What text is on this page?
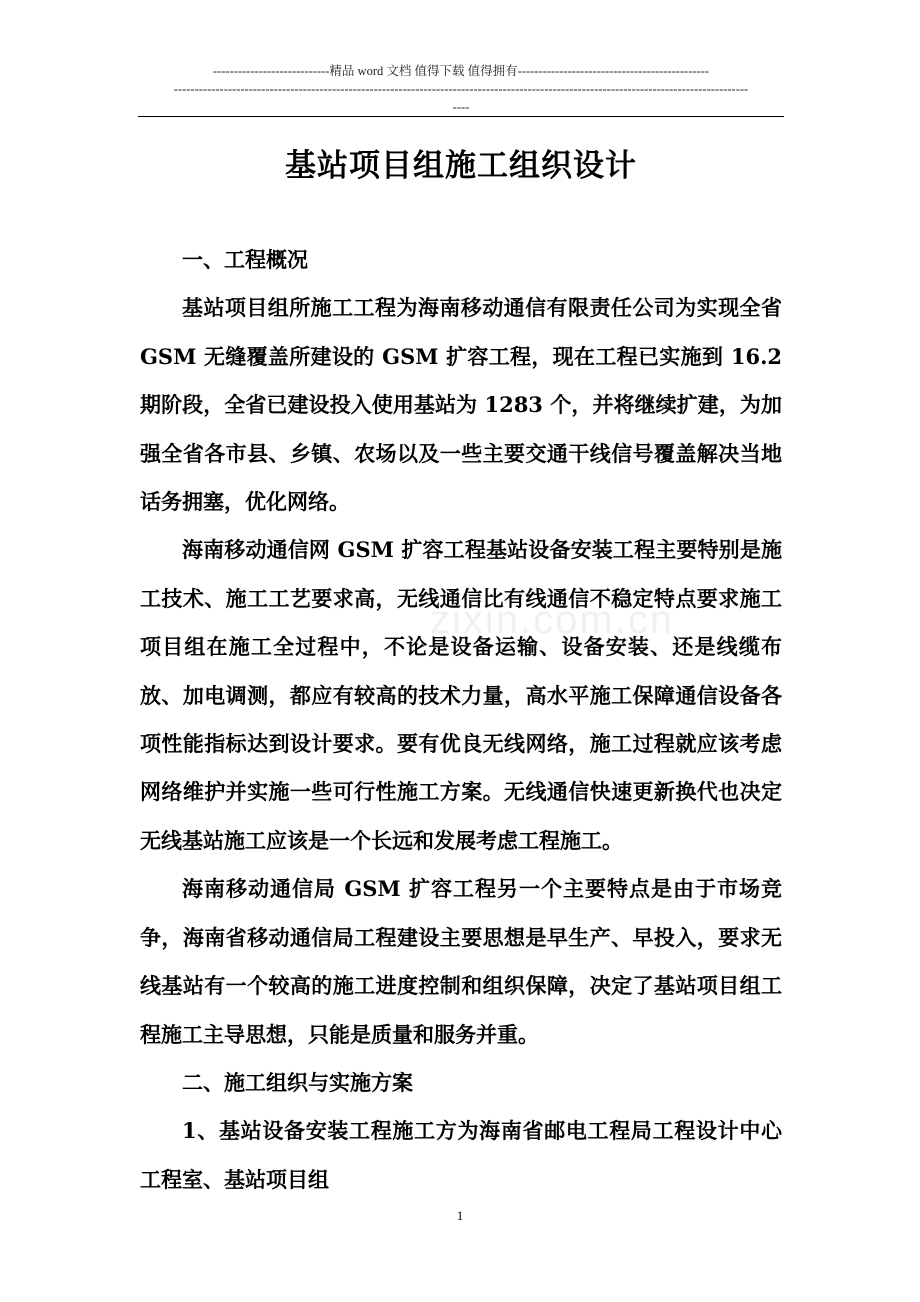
----------------------------精品 word 文档 值得下载 值得拥有----------------------------------------------
------------------------------------------------------------------------------------------------------------------------------------------
----
zixin.com.cn
基站项目组施工组织设计

一、工程概况

基站项目组所施工工程为海南移动通信有限责任公司为实现全省 GSM 无缝覆盖所建设的 GSM 扩容工程，现在工程已实施到 16.2 期阶段，全省已建设投入使用基站为 1283 个，并将继续扩建，为加强全省各市县、乡镇、农场以及一些主要交通干线信号覆盖解决当地话务拥塞，优化网络。

海南移动通信网 GSM 扩容工程基站设备安装工程主要特别是施工技术、施工工艺要求高，无线通信比有线通信不稳定特点要求施工项目组在施工全过程中，不论是设备运输、设备安装、还是线缆布放、加电调测，都应有较高的技术力量，高水平施工保障通信设备各项性能指标达到设计要求。要有优良无线网络，施工过程就应该考虑网络维护并实施一些可行性施工方案。无线通信快速更新换代也决定无线基站施工应该是一个长远和发展考虑工程施工。

海南移动通信局 GSM 扩容工程另一个主要特点是由于市场竞争，海南省移动通信局工程建设主要思想是早生产、早投入，要求无线基站有一个较高的施工进度控制和组织保障，决定了基站项目组工程施工主导思想，只能是质量和服务并重。

二、施工组织与实施方案

1、基站设备安装工程施工方为海南省邮电工程局工程设计中心工程室、基站项目组

1
